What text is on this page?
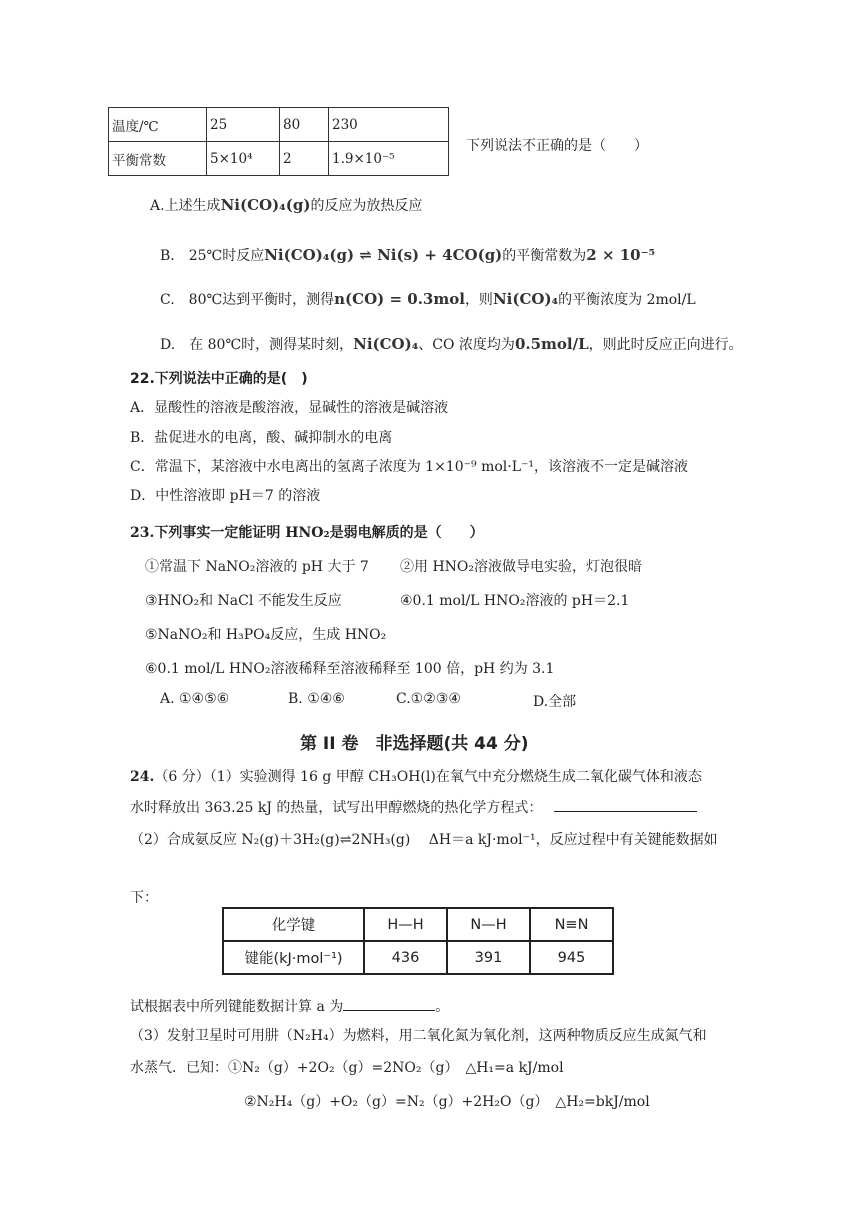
温度/℃	25	80	230
平衡常数	5×10⁴	2	1.9×10⁻⁵
下列说法不正确的是（　　）
A.上述生成Ni(CO)₄(g)的反应为放热反应
B.　25℃时反应Ni(CO)₄(g) ⇌ Ni(s) + 4CO(g)的平衡常数为2 × 10⁻⁵
C.　80℃达到平衡时，测得n(CO) = 0.3mol，则Ni(CO)₄的平衡浓度为 2mol/L
D.　在 80℃时，测得某时刻，Ni(CO)₄、CO 浓度均为0.5mol/L，则此时反应正向进行。
22.下列说法中正确的是(　)
A．显酸性的溶液是酸溶液，显碱性的溶液是碱溶液
B．盐促进水的电离，酸、碱抑制水的电离
C．常温下，某溶液中水电离出的氢离子浓度为 1×10⁻⁹ mol·L⁻¹，该溶液不一定是碱溶液
D．中性溶液即 pH＝7 的溶液
23.下列事实一定能证明 HNO₂是弱电解质的是（　　）
①常温下 NaNO₂溶液的 pH 大于 7 ②用 HNO₂溶液做导电实验，灯泡很暗
③HNO₂和 NaCl 不能发生反应	④0.1 mol/L HNO₂溶液的 pH＝2.1
⑤NaNO₂和 H₃PO₄反应，生成 HNO₂
⑥0.1 mol/L HNO₂溶液稀释至溶液稀释至 100 倍，pH 约为 3.1
A. ①④⑤⑥	B. ①④⑥	C.①②③④	D.全部
第 II 卷　非选择题(共 44 分)
24.（6 分）（1）实验测得 16 g 甲醇 CH₃OH(l)在氧气中充分燃烧生成二氧化碳气体和液态
水时释放出 363.25 kJ 的热量，试写出甲醇燃烧的热化学方程式：
（2）合成氨反应 N₂(g)＋3H₂(g)⇌2NH₃(g)　 ΔH＝a kJ·mol⁻¹，反应过程中有关键能数据如
下：
化学键	H—H	N—H	N≡N
键能(kJ·mol⁻¹)	436	391	945
试根据表中所列键能数据计算 a 为	。
（3）发射卫星时可用肼（N₂H₄）为燃料，用二氧化氮为氧化剂，这两种物质反应生成氮气和
水蒸气．已知：①N₂（g）+2O₂（g）=2NO₂（g）　△H₁=a kJ/mol
②N₂H₄（g）+O₂（g）=N₂（g）+2H₂O（g）　△H₂=bkJ/mol
